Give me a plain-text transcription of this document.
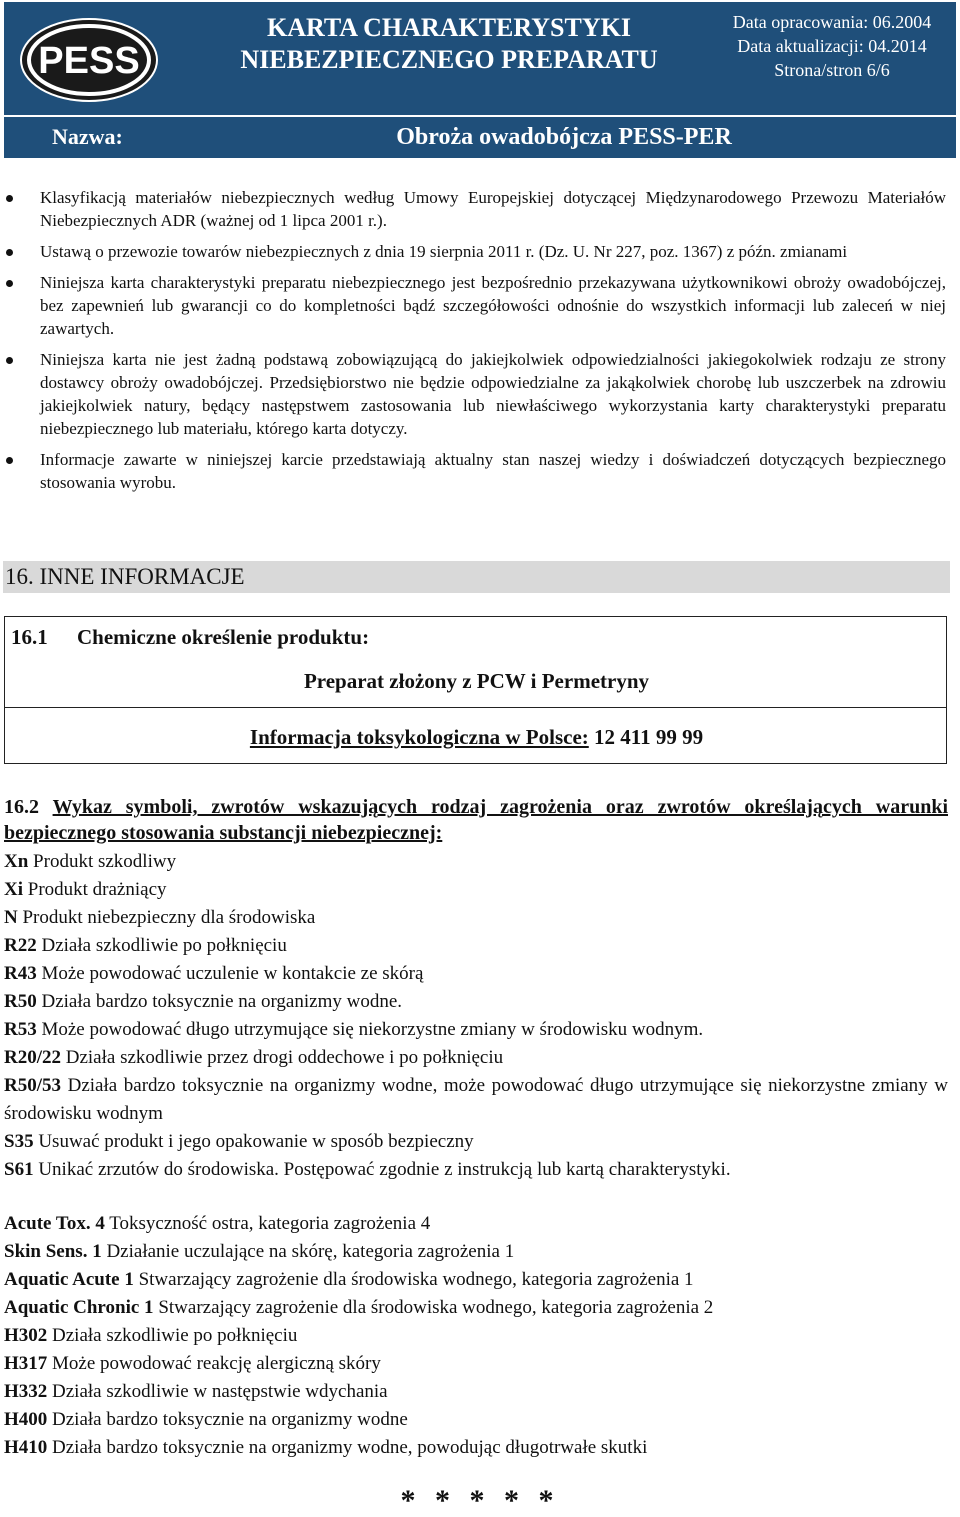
PESS
KARTA CHARAKTERYSTYKI
NIEBEZPIECZNEGO PREPARATU
Data opracowania: 06.2004
Data aktualizacji: 04.2014
Strona/stron 6/6
Nazwa:	Obroża owadobójcza PESS-PER
Klasyfikacją materiałów niebezpiecznych według Umowy Europejskiej dotyczącej Międzynarodowego Przewozu Materiałów Niebezpiecznych ADR (ważnej od 1 lipca 2001 r.).
Ustawą o przewozie towarów niebezpiecznych z dnia 19 sierpnia 2011 r. (Dz. U. Nr 227, poz. 1367) z późn. zmianami
Niniejsza karta charakterystyki preparatu niebezpiecznego jest bezpośrednio przekazywana użytkownikowi obroży owadobójczej, bez zapewnień lub gwarancji co do kompletności bądź szczegółowości odnośnie do wszystkich informacji lub zaleceń w niej zawartych.
Niniejsza karta nie jest żadną podstawą zobowiązującą do jakiejkolwiek odpowiedzialności jakiegokolwiek rodzaju ze strony dostawcy obroży owadobójczej. Przedsiębiorstwo nie będzie odpowiedzialne za jakąkolwiek chorobę lub uszczerbek na zdrowiu jakiejkolwiek natury, będący następstwem zastosowania lub niewłaściwego wykorzystania karty charakterystyki preparatu niebezpiecznego lub materiału, którego karta dotyczy.
Informacje zawarte w niniejszej karcie przedstawiają aktualny stan naszej wiedzy i doświadczeń dotyczących bezpiecznego stosowania wyrobu.
16. INNE INFORMACJE
16.1 Chemiczne określenie produktu:
Preparat złożony z PCW i Permetryny
Informacja toksykologiczna w Polsce: 12 411 99 99
16.2 Wykaz symboli, zwrotów wskazujących rodzaj zagrożenia oraz zwrotów określających warunki bezpiecznego stosowania substancji niebezpiecznej:
Xn Produkt szkodliwy
Xi Produkt drażniący
N Produkt niebezpieczny dla środowiska
R22 Działa szkodliwie po połknięciu
R43 Może powodować uczulenie w kontakcie ze skórą
R50 Działa bardzo toksycznie na organizmy wodne.
R53 Może powodować długo utrzymujące się niekorzystne zmiany w środowisku wodnym.
R20/22 Działa szkodliwie przez drogi oddechowe i po połknięciu
R50/53 Działa bardzo toksycznie na organizmy wodne, może powodować długo utrzymujące się niekorzystne zmiany w środowisku wodnym
S35 Usuwać produkt i jego opakowanie w sposób bezpieczny
S61 Unikać zrzutów do środowiska. Postępować zgodnie z instrukcją lub kartą charakterystyki.
Acute Tox. 4 Toksyczność ostra, kategoria zagrożenia 4
Skin Sens. 1 Działanie uczulające na skórę, kategoria zagrożenia 1
Aquatic Acute 1 Stwarzający zagrożenie dla środowiska wodnego, kategoria zagrożenia 1
Aquatic Chronic 1 Stwarzający zagrożenie dla środowiska wodnego, kategoria zagrożenia 2
H302 Działa szkodliwie po połknięciu
H317 Może powodować reakcję alergiczną skóry
H332 Działa szkodliwie w następstwie wdychania
H400 Działa bardzo toksycznie na organizmy wodne
H410 Działa bardzo toksycznie na organizmy wodne, powodując długotrwałe skutki
* * * * *
